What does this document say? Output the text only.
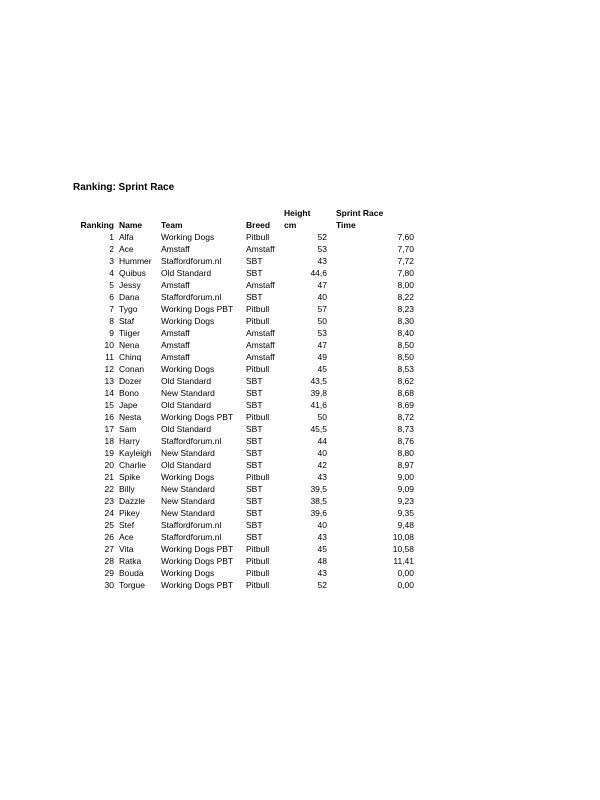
Ranking: Sprint Race
				Height	Sprint Race
Ranking	Name	Team	Breed	cm	Time
1	Alfa	Working Dogs	Pitbull	52	7,60
2	Ace	Amstaff	Amstaff	53	7,70
3	Hummer	Staffordforum.nl	SBT	43	7,72
4	Quibus	Old Standard	SBT	44,6	7,80
5	Jessy	Amstaff	Amstaff	47	8,00
6	Dana	Staffordforum.nl	SBT	40	8,22
7	Tygo	Working Dogs PBT	Pitbull	57	8,23
8	Staf	Working Dogs	Pitbull	50	8,30
9	Tiiger	Amstaff	Amstaff	53	8,40
10	Nena	Amstaff	Amstaff	47	8,50
11	Chinq	Amstaff	Amstaff	49	8,50
12	Conan	Working Dogs	Pitbull	45	8,53
13	Dozer	Old Standard	SBT	43,5	8,62
14	Bono	New Standard	SBT	39,8	8,68
15	Jape	Old Standard	SBT	41,6	8,69
16	Nesta	Working Dogs PBT	Pitbull	50	8,72
17	Sam	Old Standard	SBT	45,5	8,73
18	Harry	Staffordforum.nl	SBT	44	8,76
19	Kayleigh	New Standard	SBT	40	8,80
20	Charlie	Old Standard	SBT	42	8,97
21	Spike	Working Dogs	Pitbull	43	9,00
22	Billy	New Standard	SBT	39,5	9,09
23	Dazzle	New Standard	SBT	38,5	9,23
24	Pikey	New Standard	SBT	39,6	9,35
25	Stef	Staffordforum.nl	SBT	40	9,48
26	Ace	Staffordforum.nl	SBT	43	10,08
27	Vita	Working Dogs PBT	Pitbull	45	10,58
28	Ratka	Working Dogs PBT	Pitbull	48	11,41
29	Bouda	Working Dogs	Pitbull	43	0,00
30	Torgue	Working Dogs PBT	Pitbull	52	0,00
